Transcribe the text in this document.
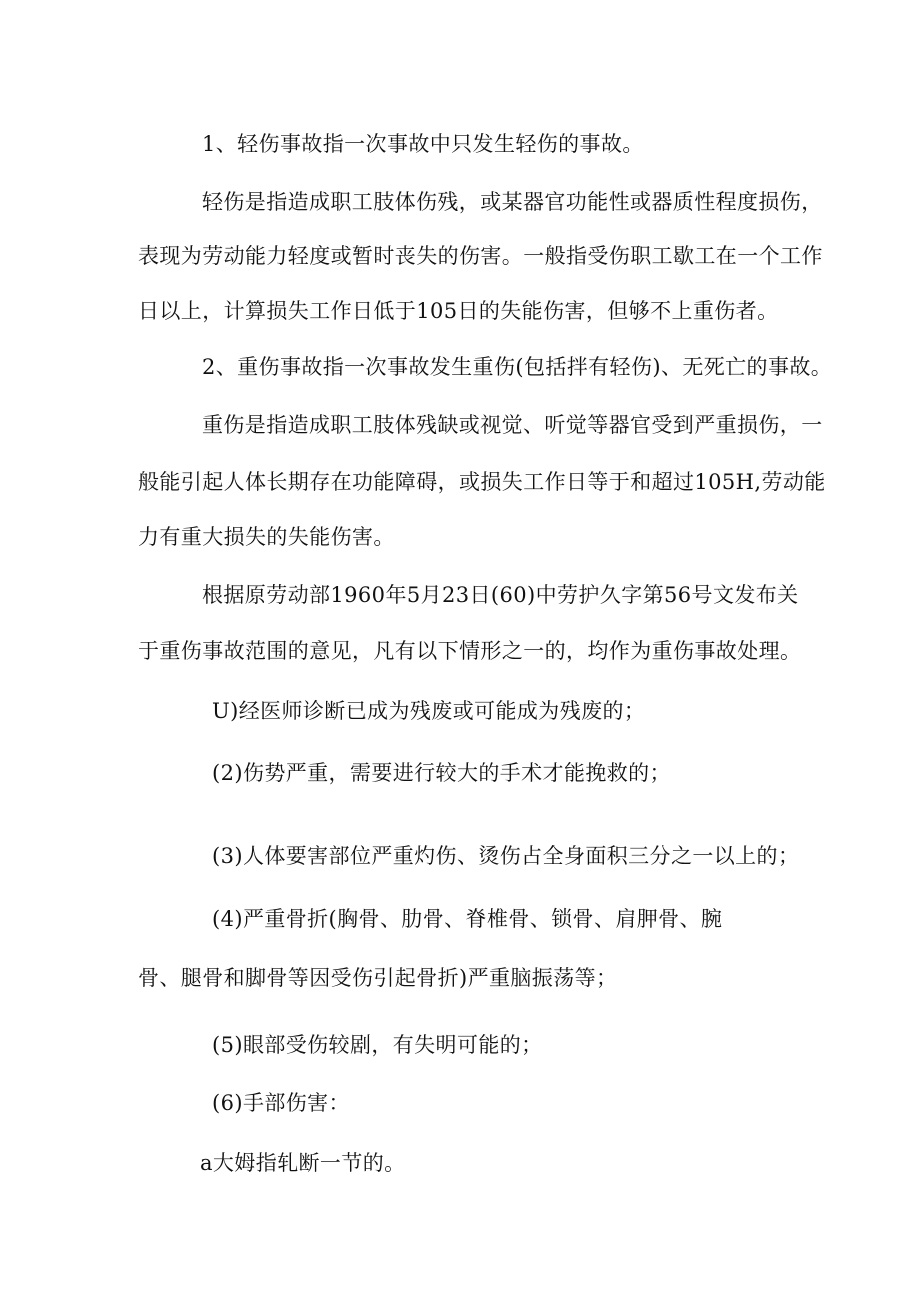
1、轻伤事故指一次事故中只发生轻伤的事故。
轻伤是指造成职工肢体伤残，或某器官功能性或器质性程度损伤，
表现为劳动能力轻度或暂时丧失的伤害。一般指受伤职工歇工在一个工作
日以上，计算损失工作日低于105日的失能伤害，但够不上重伤者。
2、重伤事故指一次事故发生重伤(包括拌有轻伤)、无死亡的事故。
重伤是指造成职工肢体残缺或视觉、听觉等器官受到严重损伤，一
般能引起人体长期存在功能障碍，或损失工作日等于和超过105H,劳动能
力有重大损失的失能伤害。
根据原劳动部1960年5月23日(60)中劳护久字第56号文发布关
于重伤事故范围的意见，凡有以下情形之一的，均作为重伤事故处理。
U)经医师诊断已成为残废或可能成为残废的；
(2)伤势严重，需要进行较大的手术才能挽救的；
(3)人体要害部位严重灼伤、烫伤占全身面积三分之一以上的；
(4)严重骨折(胸骨、肋骨、脊椎骨、锁骨、肩胛骨、腕
骨、腿骨和脚骨等因受伤引起骨折)严重脑振荡等；
(5)眼部受伤较剧，有失明可能的；
(6)手部伤害：
a大姆指轧断一节的。
